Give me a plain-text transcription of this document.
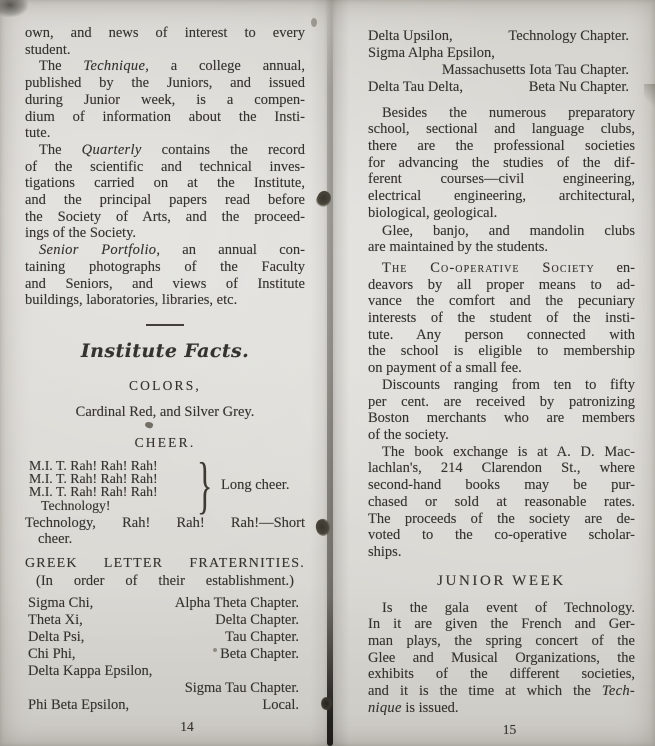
own, and news of interest to every
student.
The Technique, a college annual,
published by the Juniors, and issued
during Junior week, is a compen-
dium of information about the Insti-
tute.
The Quarterly contains the record
of the scientific and technical inves-
tigations carried on at the Institute,
and the principal papers read before
the Society of Arts, and the proceed-
ings of the Society.
Senior Portfolio, an annual con-
taining photographs of the Faculty
and Seniors, and views of Institute
buildings, laboratories, libraries, etc.
Institute Facts.
COLORS,
Cardinal Red, and Silver Grey.
CHEER.
M.I. T. Rah! Rah! Rah!
M.I. T. Rah! Rah! Rah!
M.I. T. Rah! Rah! Rah!
Technology!	} Long cheer.
Technology, Rah! Rah! Rah!—Short
cheer.
GREEK LETTER FRATERNITIES.
(In order of their establishment.)
Sigma Chi,	Alpha Theta Chapter.
Theta Xi,	Delta Chapter.
Delta Psi,	Tau Chapter.
Chi Phi,	Beta Chapter.
Delta Kappa Epsilon,
Sigma Tau Chapter.
Phi Beta Epsilon,	Local.
14
Delta Upsilon,	Technology Chapter.
Sigma Alpha Epsilon,
Massachusetts Iota Tau Chapter.
Delta Tau Delta,	Beta Nu Chapter.
Besides the numerous preparatory
school, sectional and language clubs,
there are the professional societies
for advancing the studies of the dif-
ferent courses—civil engineering,
electrical engineering, architectural,
biological, geological.
Glee, banjo, and mandolin clubs
are maintained by the students.
The Co-operative Society en-
deavors by all proper means to ad-
vance the comfort and the pecuniary
interests of the student of the insti-
tute. Any person connected with
the school is eligible to membership
on payment of a small fee.
Discounts ranging from ten to fifty
per cent. are received by patronizing
Boston merchants who are members
of the society.
The book exchange is at A. D. Mac-
lachlan's, 214 Clarendon St., where
second-hand books may be pur-
chased or sold at reasonable rates.
The proceeds of the society are de-
voted to the co-operative scholar-
ships.
JUNIOR WEEK
Is the gala event of Technology.
In it are given the French and Ger-
man plays, the spring concert of the
Glee and Musical Organizations, the
exhibits of the different societies,
and it is the time at which the Tech-
nique is issued.
15
